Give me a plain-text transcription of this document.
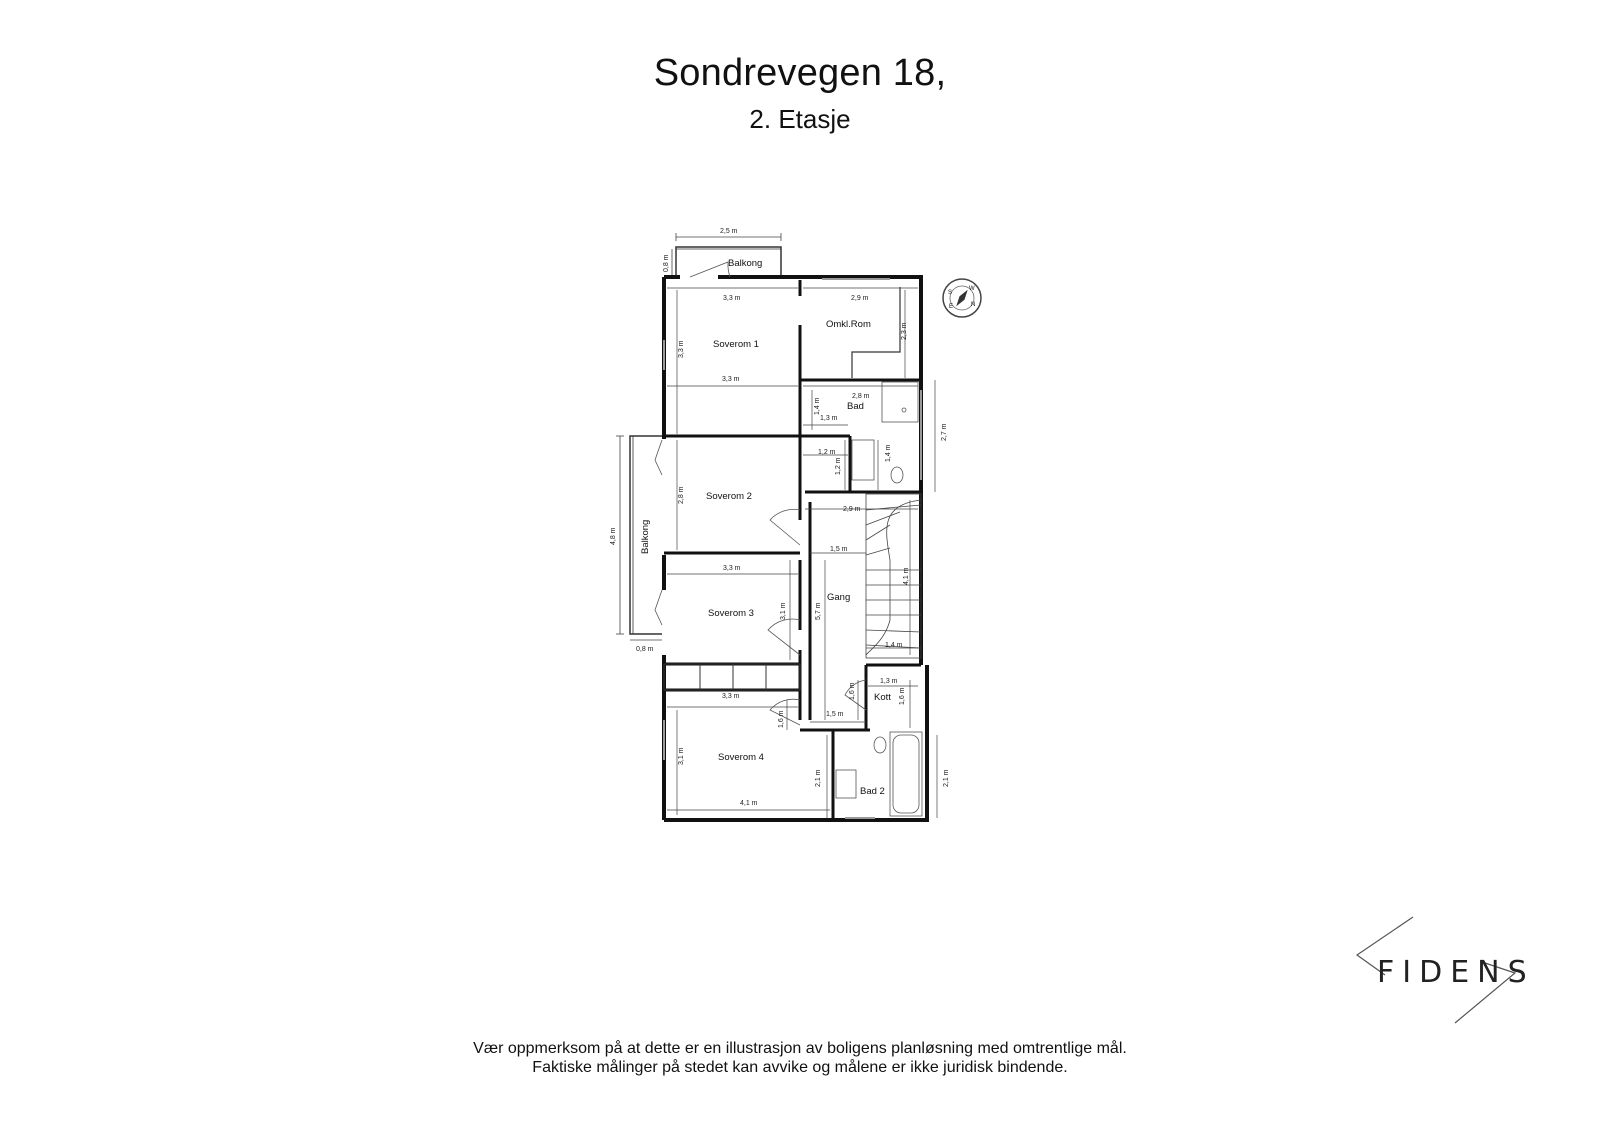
Sondrevegen 18,
2. Etasje
Balkong
Soverom 1
Omkl.Rom
Bad
Soverom 2
Balkong
Soverom 3
Gang
Kott
Soverom 4
Bad 2
2,5 m
0,8 m
3,3 m	2,9 m
2,3 m
3,3 m
3,3 m
2,8 m
1,4 m
1,3 m
2,7 m
1,2 m
1,2 m
1,4 m
2,8 m
2,9 m
4,8 m
0,8 m
1,5 m
3,3 m
3,1 m	5,7 m
4,1 m
1,4 m
1,3 m
1,6 m	1,6 m
3,3 m
1,6 m	1,5 m
3,1 m
2,1 m	2,1 m
4,1 m
S
W
N
E
FIDENS
Vær oppmerksom på at dette er en illustrasjon av boligens planløsning med omtrentlige mål.
Faktiske målinger på stedet kan avvike og målene er ikke juridisk bindende.
